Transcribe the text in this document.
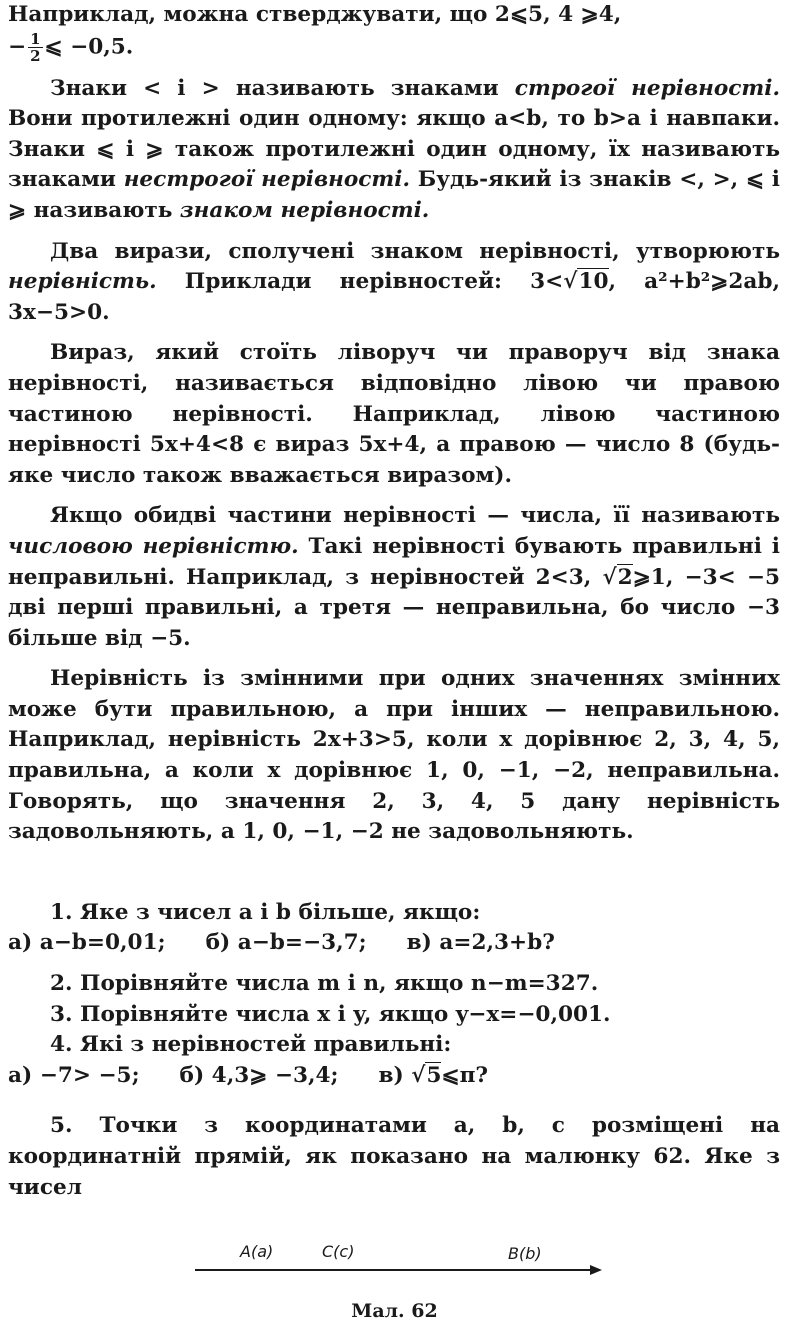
Наприклад, можна стверджувати, що 2⩽5, 4 ⩾4,
− $\frac{1}{2}$ ⩽ −0,5.

Знаки < і > називають знаками строгої нерівності. Вони протилежні один одному: якщо a<b, то b>a і навпаки. Знаки ⩽ і ⩾ також протилежні один одному, їх називають знаками нестрогої нерівності. Будь-який із знаків <, >, ⩽ і ⩾ називають знаком нерівності.

Два вирази, сполучені знаком нерівності, утворюють нерівність. Приклади нерівностей: 3<√10, a²+b²⩾2ab, 3x−5>0.

Вираз, який стоїть ліворуч чи праворуч від знака нерівності, називається відповідно лівою чи правою частиною нерівності. Наприклад, лівою частиною нерівності 5x+4<8 є вираз 5x+4, а правою — число 8 (будь-яке число також вважається виразом).

Якщо обидві частини нерівності — числа, її називають числовою нерівністю. Такі нерівності бувають правильні і неправильні. Наприклад, з нерівностей 2<3, √2⩾1, −3< −5 дві перші правильні, а третя — неправильна, бо число −3 більше від −5.

Нерівність із змінними при одних значеннях змінних може бути правильною, а при інших — неправильною. Наприклад, нерівність 2x+3>5, коли x дорівнює 2, 3, 4, 5, правильна, а коли x дорівнює 1, 0, −1, −2, неправильна. Говорять, що значення 2, 3, 4, 5 дану нерівність задовольняють, а 1, 0, −1, −2 не задовольняють.

1. Яке з чисел a і b більше, якщо:

а) a−b=0,01; б) a−b=−3,7; в) a=2,3+b?

2. Порівняйте числа m і n, якщо n−m=327.

3. Порівняйте числа x і y, якщо y−x=−0,001.

4. Які з нерівностей правильні:

а) −7> −5; б) 4,3⩾ −3,4; в) √5⩽π?

5. Точки з координатами a, b, c розміщені на координатній прямій, як показано на малюнку 62. Яке з чисел

A(a)	C(c)	B(b)
Мал. 62
